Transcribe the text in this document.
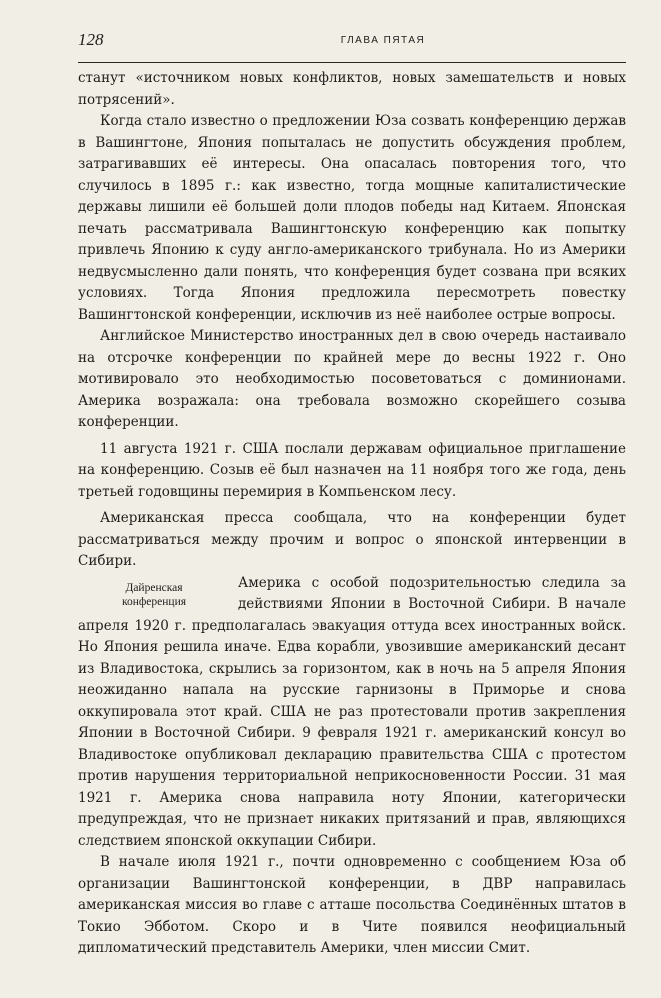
128	ГЛАВА ПЯТАЯ

станут «источником новых конфликтов, новых замешательств и новых потрясений».

Когда стало известно о предложении Юза созвать конференцию держав в Вашингтоне, Япония попыталась не допустить обсуждения проблем, затрагивавших её интересы. Она опасалась повторения того, что случилось в 1895 г.: как известно, тогда мощные капиталистические державы лишили её большей доли плодов победы над Китаем. Японская печать рассматривала Вашингтонскую конференцию как попытку привлечь Японию к суду англо-американского трибунала. Но из Америки недвусмысленно дали понять, что конференция будет созвана при всяких условиях. Тогда Япония предложила пересмотреть повестку Вашингтонской конференции, исключив из неё наиболее острые вопросы.

Английское Министерство иностранных дел в свою очередь настаивало на отсрочке конференции по крайней мере до весны 1922 г. Оно мотивировало это необходимостью посоветоваться с доминионами. Америка возражала: она требовала возможно скорейшего созыва конференции.

11 августа 1921 г. США послали державам официальное приглашение на конференцию. Созыв её был назначен на 11 ноября того же года, день третьей годовщины перемирия в Компьенском лесу.

Американская пресса сообщала, что на конференции будет рассматриваться между прочим и вопрос о японской интервенции в Сибири.

Дайренская
конференция

Америка с особой подозрительностью следила за действиями Японии в Восточной Сибири. В начале апреля 1920 г. предполагалась эвакуация оттуда всех иностранных войск. Но Япония решила иначе. Едва корабли, увозившие американский десант из Владивостока, скрылись за горизонтом, как в ночь на 5 апреля Япония неожиданно напала на русские гарнизоны в Приморье и снова оккупировала этот край. США не раз протестовали против закрепления Японии в Восточной Сибири. 9 февраля 1921 г. американский консул во Владивостоке опубликовал декларацию правительства США с протестом против нарушения территориальной неприкосновенности России. 31 мая 1921 г. Америка снова направила ноту Японии, категорически предупреждая, что не признает никаких притязаний и прав, являющихся следствием японской оккупации Сибири.

В начале июля 1921 г., почти одновременно с сообщением Юза об организации Вашингтонской конференции, в ДВР направилась американская миссия во главе с атташе посольства Соединённых штатов в Токио Эбботом. Скоро и в Чите появился неофициальный дипломатический представитель Америки, член миссии Смит.
